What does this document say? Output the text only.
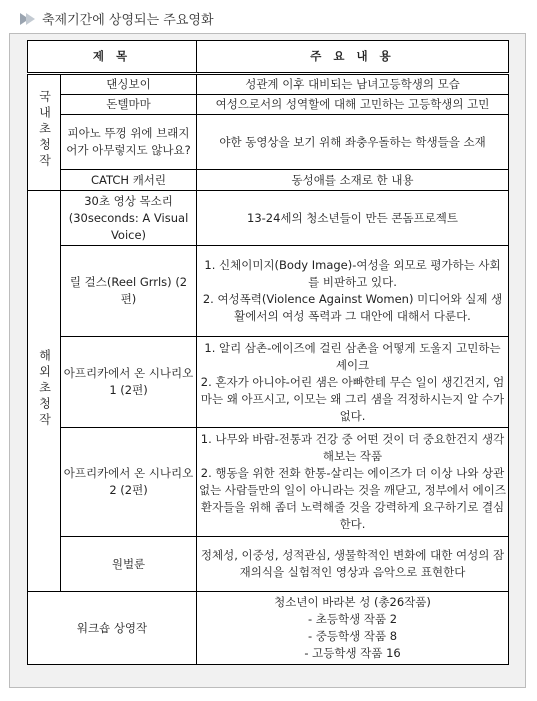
축제기간에 상영되는 주요영화
제 목		주 요 내 용
국내초청작	댄싱보이	성관계 이후 대비되는 남녀고등학생의 모습
	돈텔마마	여성으로서의 성역할에 대해 고민하는 고등학생의 고민
	피아노 뚜껑 위에 브래지어가 아무렇지도 않나요?	야한 동영상을 보기 위해 좌충우돌하는 학생들을 소재
	CATCH 캐서린	동성애를 소재로 한 내용
해외초청작	30초 영상 목소리 (30seconds: A Visual Voice)	13-24세의 청소년들이 만든 콘돔프로젝트

	릴 걸스(Reel Grrls) (2편)	1. 신체이미지(Body Image)-여성을 외모로 평가하는 사회를 비판하고 있다.
2. 여성폭력(Violence Against Women) 미디어와 실제 생활에서의 여성 폭력과 그 대안에 대해서 다룬다.

	아프리카에서 온 시나리오 1 (2편)	1. 알리 삼촌-에이즈에 걸린 삼촌을 어떻게 도울지 고민하는 셰이크
2. 혼자가 아니야-어린 샘은 아빠한테 무슨 일이 생긴건지, 엄마는 왜 아프시고, 이모는 왜 그리 샘을 걱정하시는지 알 수가 없다.

	아프리카에서 온 시나리오 2 (2편)	1. 나무와 바람-전통과 건강 중 어떤 것이 더 중요한건지 생각해보는 작품
2. 행동을 위한 전화 한통-살리는 에이즈가 더 이상 나와 상관없는 사람들만의 일이 아니라는 것을 깨닫고, 정부에서 에이즈 환자들을 위해 좀더 노력해줄 것을 강력하게 요구하기로 결심한다.

	원벌룬	정체성, 이중성, 성적관심, 생물학적인 변화에 대한 여성의 잠재의식을 실험적인 영상과 음악으로 표현한다

워크숍 상영작		청소년이 바라본 성 (총26작품)
- 초등학생 작품 2
- 중등학생 작품 8
- 고등학생 작품 16
